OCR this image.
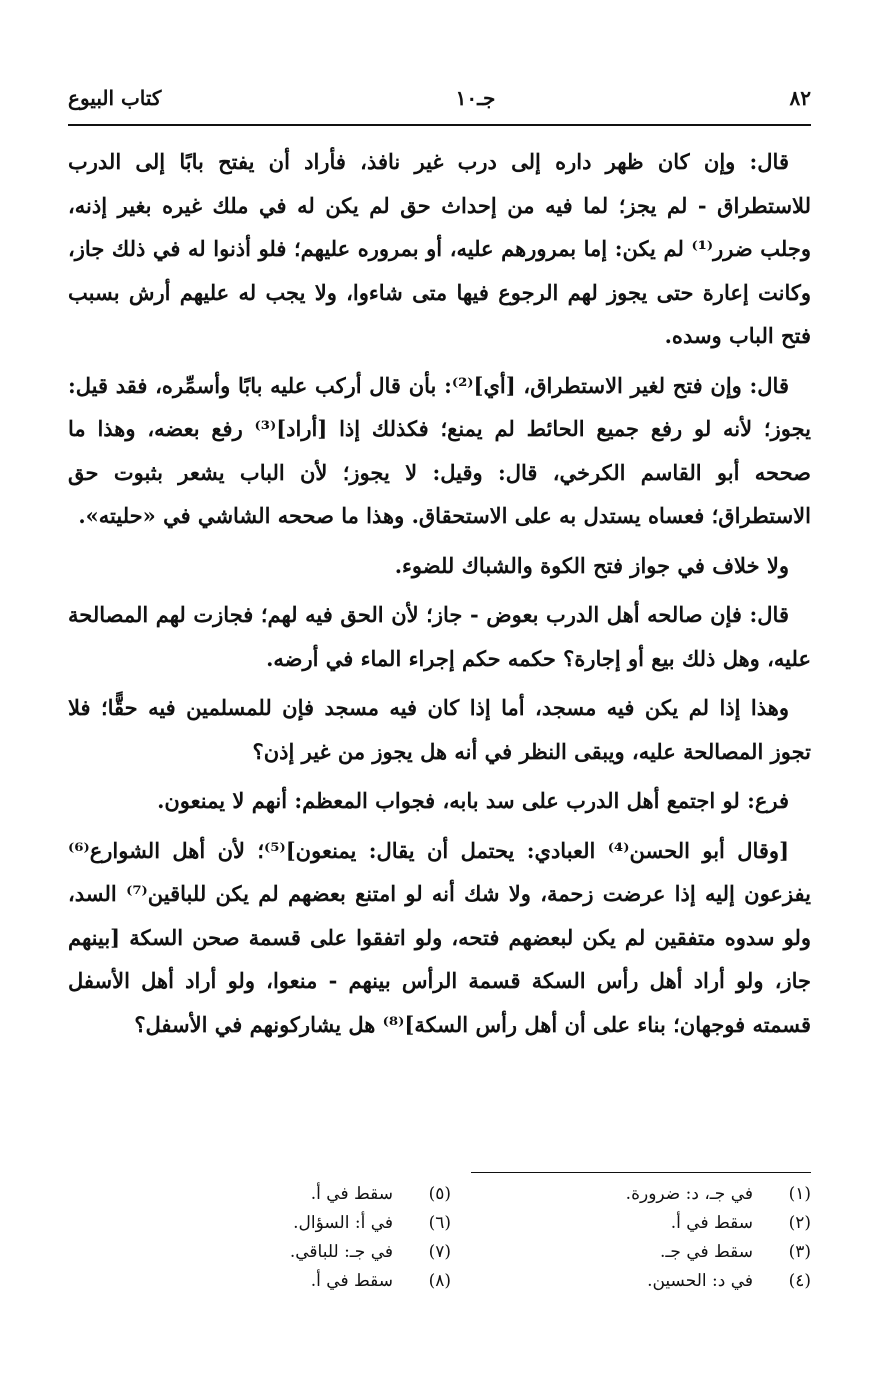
٨٢
جـ١٠
كتاب البيوع

قال: وإن كان ظهر داره إلى درب غير نافذ، فأراد أن يفتح بابًا إلى الدرب للاستطراق - لم يجز؛ لما فيه من إحداث حق لم يكن له في ملك غيره بغير إذنه، وجلب ضرر⁽¹⁾ لم يكن: إما بمرورهم عليه، أو بمروره عليهم؛ فلو أذنوا له في ذلك جاز، وكانت إعارة حتى يجوز لهم الرجوع فيها متى شاءوا، ولا يجب له عليهم أرش بسبب فتح الباب وسده.

قال: وإن فتح لغير الاستطراق، [أي]⁽²⁾: بأن قال أركب عليه بابًا وأسمِّره، فقد قيل: يجوز؛ لأنه لو رفع جميع الحائط لم يمنع؛ فكذلك إذا [أراد]⁽³⁾ رفع بعضه، وهذا ما صححه أبو القاسم الكرخي، قال: وقيل: لا يجوز؛ لأن الباب يشعر بثبوت حق الاستطراق؛ فعساه يستدل به على الاستحقاق. وهذا ما صححه الشاشي في «حليته».

ولا خلاف في جواز فتح الكوة والشباك للضوء.

قال: فإن صالحه أهل الدرب بعوض - جاز؛ لأن الحق فيه لهم؛ فجازت لهم المصالحة عليه، وهل ذلك بيع أو إجارة؟ حكمه حكم إجراء الماء في أرضه.

وهذا إذا لم يكن فيه مسجد، أما إذا كان فيه مسجد فإن للمسلمين فيه حقًّا؛ فلا تجوز المصالحة عليه، ويبقى النظر في أنه هل يجوز من غير إذن؟

فرع: لو اجتمع أهل الدرب على سد بابه، فجواب المعظم: أنهم لا يمنعون.

[وقال أبو الحسن⁽⁴⁾ العبادي: يحتمل أن يقال: يمنعون]⁽⁵⁾؛ لأن أهل الشوارع⁽⁶⁾ يفزعون إليه إذا عرضت زحمة، ولا شك أنه لو امتنع بعضهم لم يكن للباقين⁽⁷⁾ السد، ولو سدوه متفقين لم يكن لبعضهم فتحه، ولو اتفقوا على قسمة صحن السكة [بينهم جاز، ولو أراد أهل رأس السكة قسمة الرأس بينهم - منعوا، ولو أراد أهل الأسفل قسمته فوجهان؛ بناء على أن أهل رأس السكة]⁽⁸⁾ هل يشاركونهم في الأسفل؟

(١)
في جـ، د: ضرورة.
(٢)
سقط في أ.
(٣)
سقط في جـ.
(٤)
في د: الحسين.
(٥)
سقط في أ.
(٦)
في أ: السؤال.
(٧)
في جـ: للباقي.
(٨)
سقط في أ.
